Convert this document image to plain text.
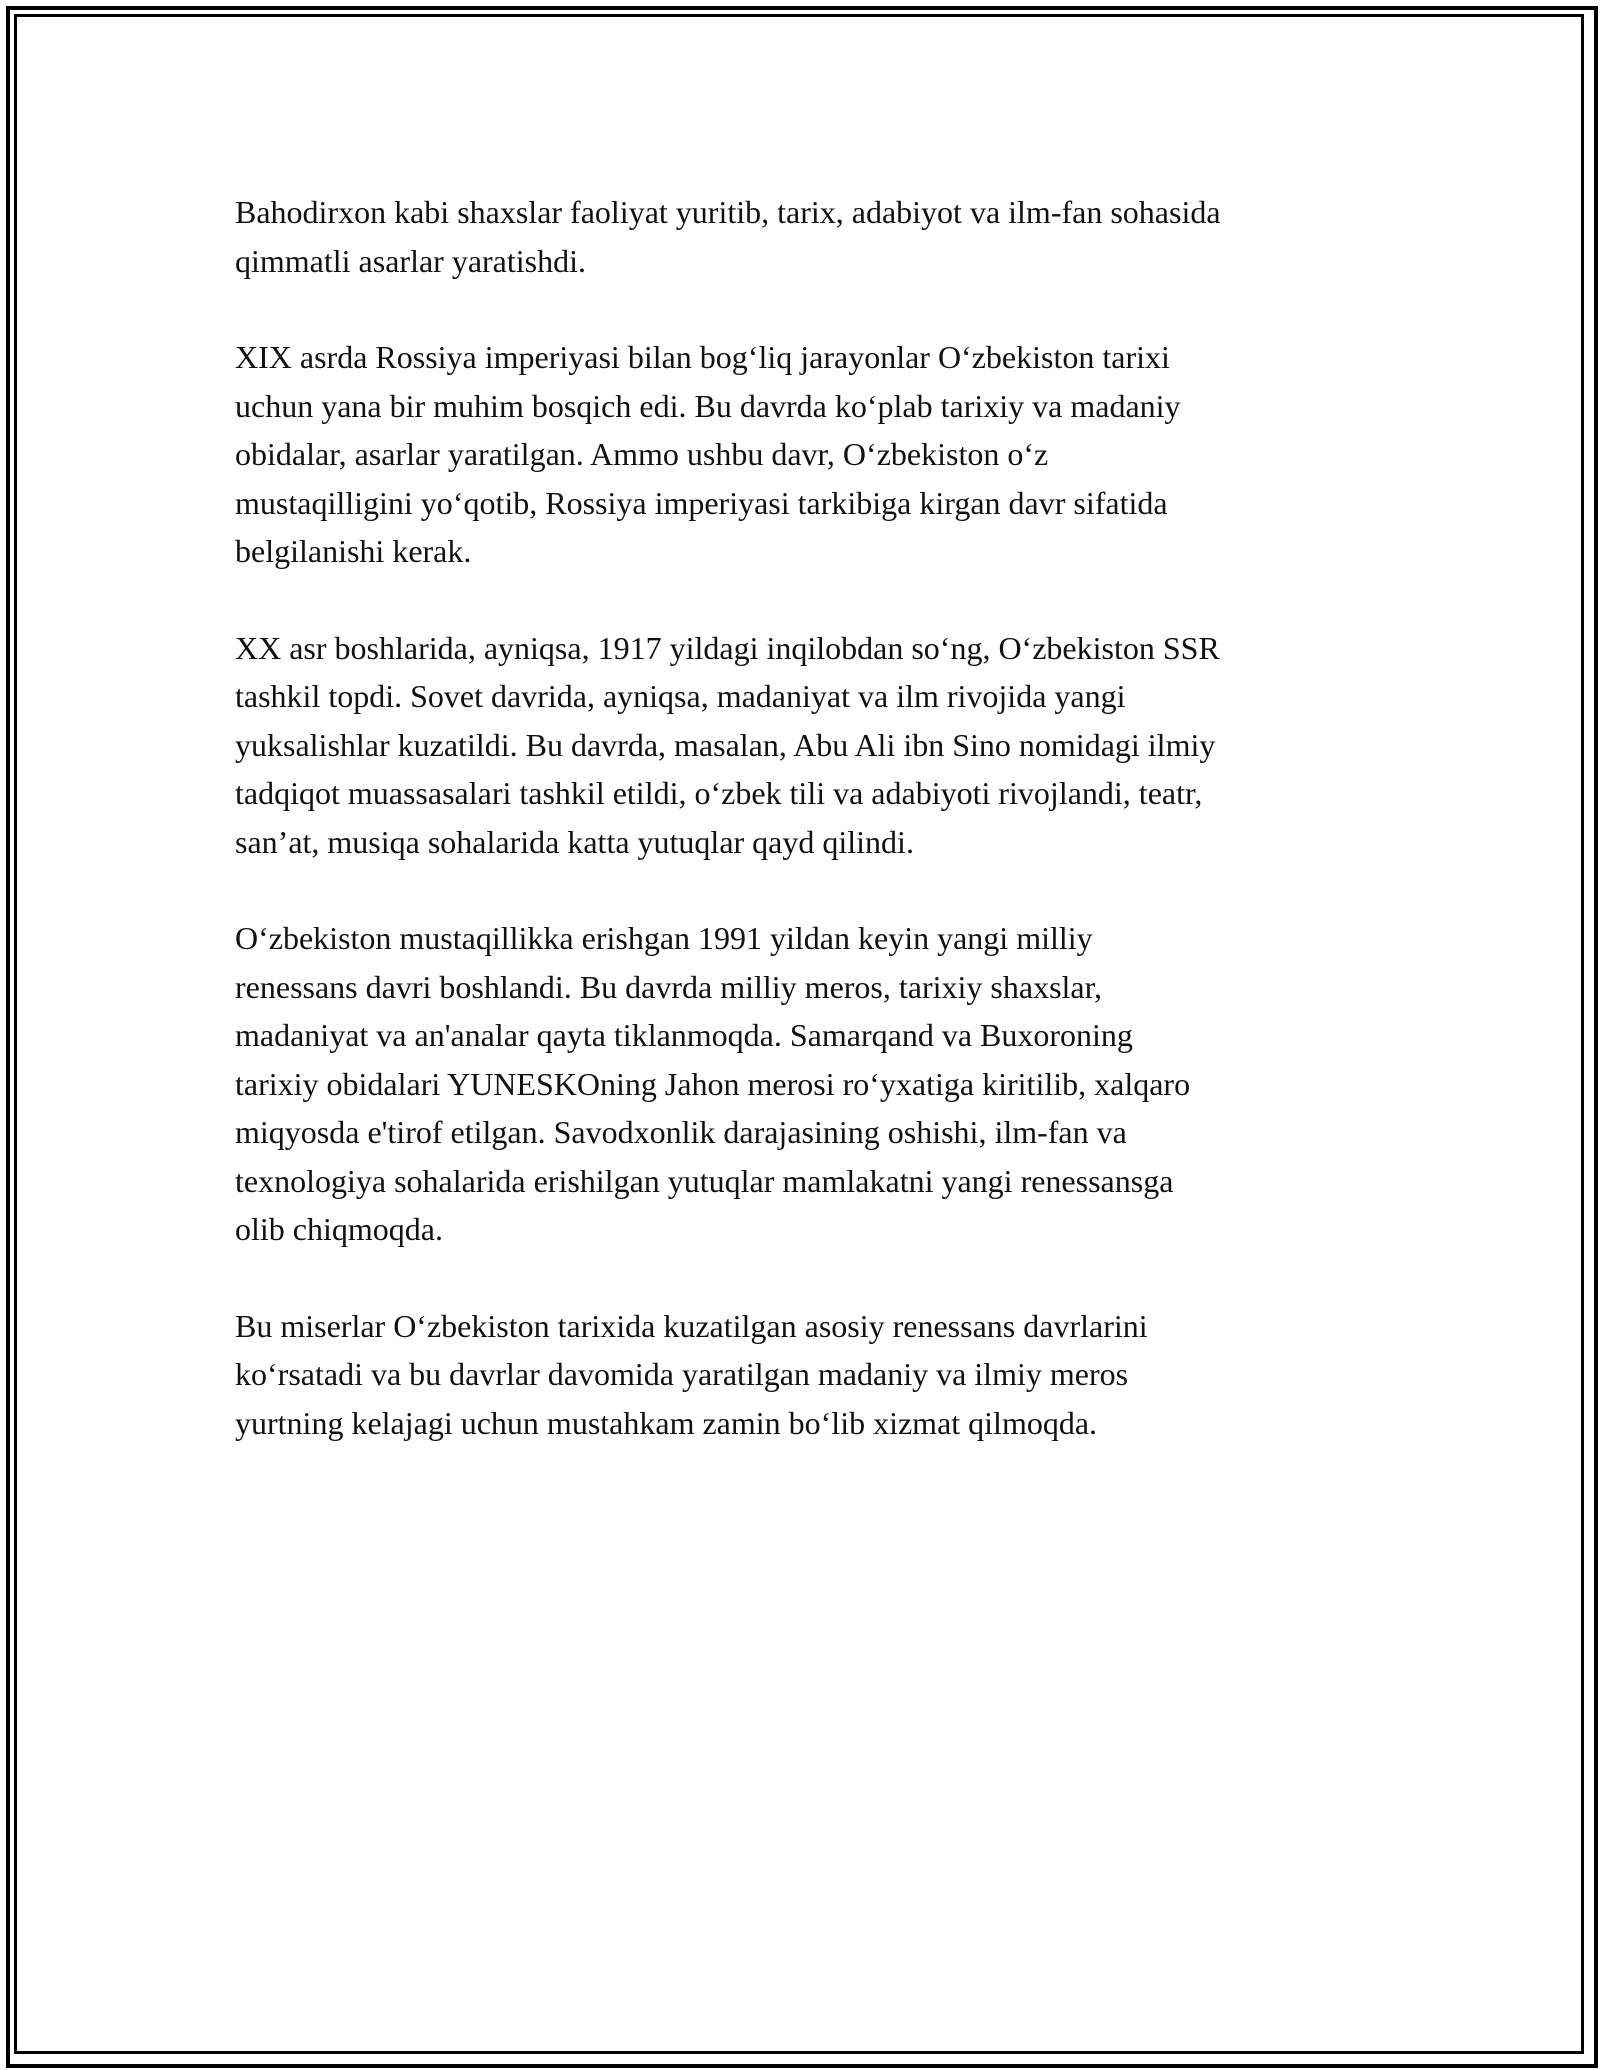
Bahodirxon kabi shaxslar faoliyat yuritib, tarix, adabiyot va ilm-fan sohasida
qimmatli asarlar yaratishdi.

XIX asrda Rossiya imperiyasi bilan bog‘liq jarayonlar O‘zbekiston tarixi
uchun yana bir muhim bosqich edi. Bu davrda ko‘plab tarixiy va madaniy
obidalar, asarlar yaratilgan. Ammo ushbu davr, O‘zbekiston o‘z
mustaqilligini yo‘qotib, Rossiya imperiyasi tarkibiga kirgan davr sifatida
belgilanishi kerak.

XX asr boshlarida, ayniqsa, 1917 yildagi inqilobdan so‘ng, O‘zbekiston SSR
tashkil topdi. Sovet davrida, ayniqsa, madaniyat va ilm rivojida yangi
yuksalishlar kuzatildi. Bu davrda, masalan, Abu Ali ibn Sino nomidagi ilmiy
tadqiqot muassasalari tashkil etildi, o‘zbek tili va adabiyoti rivojlandi, teatr,
san’at, musiqa sohalarida katta yutuqlar qayd qilindi.

O‘zbekiston mustaqillikka erishgan 1991 yildan keyin yangi milliy
renessans davri boshlandi. Bu davrda milliy meros, tarixiy shaxslar,
madaniyat va an'analar qayta tiklanmoqda. Samarqand va Buxoroning
tarixiy obidalari YUNESKOning Jahon merosi ro‘yxatiga kiritilib, xalqaro
miqyosda e'tirof etilgan. Savodxonlik darajasining oshishi, ilm-fan va
texnologiya sohalarida erishilgan yutuqlar mamlakatni yangi renessansga
olib chiqmoqda.

Bu miserlar O‘zbekiston tarixida kuzatilgan asosiy renessans davrlarini
ko‘rsatadi va bu davrlar davomida yaratilgan madaniy va ilmiy meros
yurtning kelajagi uchun mustahkam zamin bo‘lib xizmat qilmoqda.
